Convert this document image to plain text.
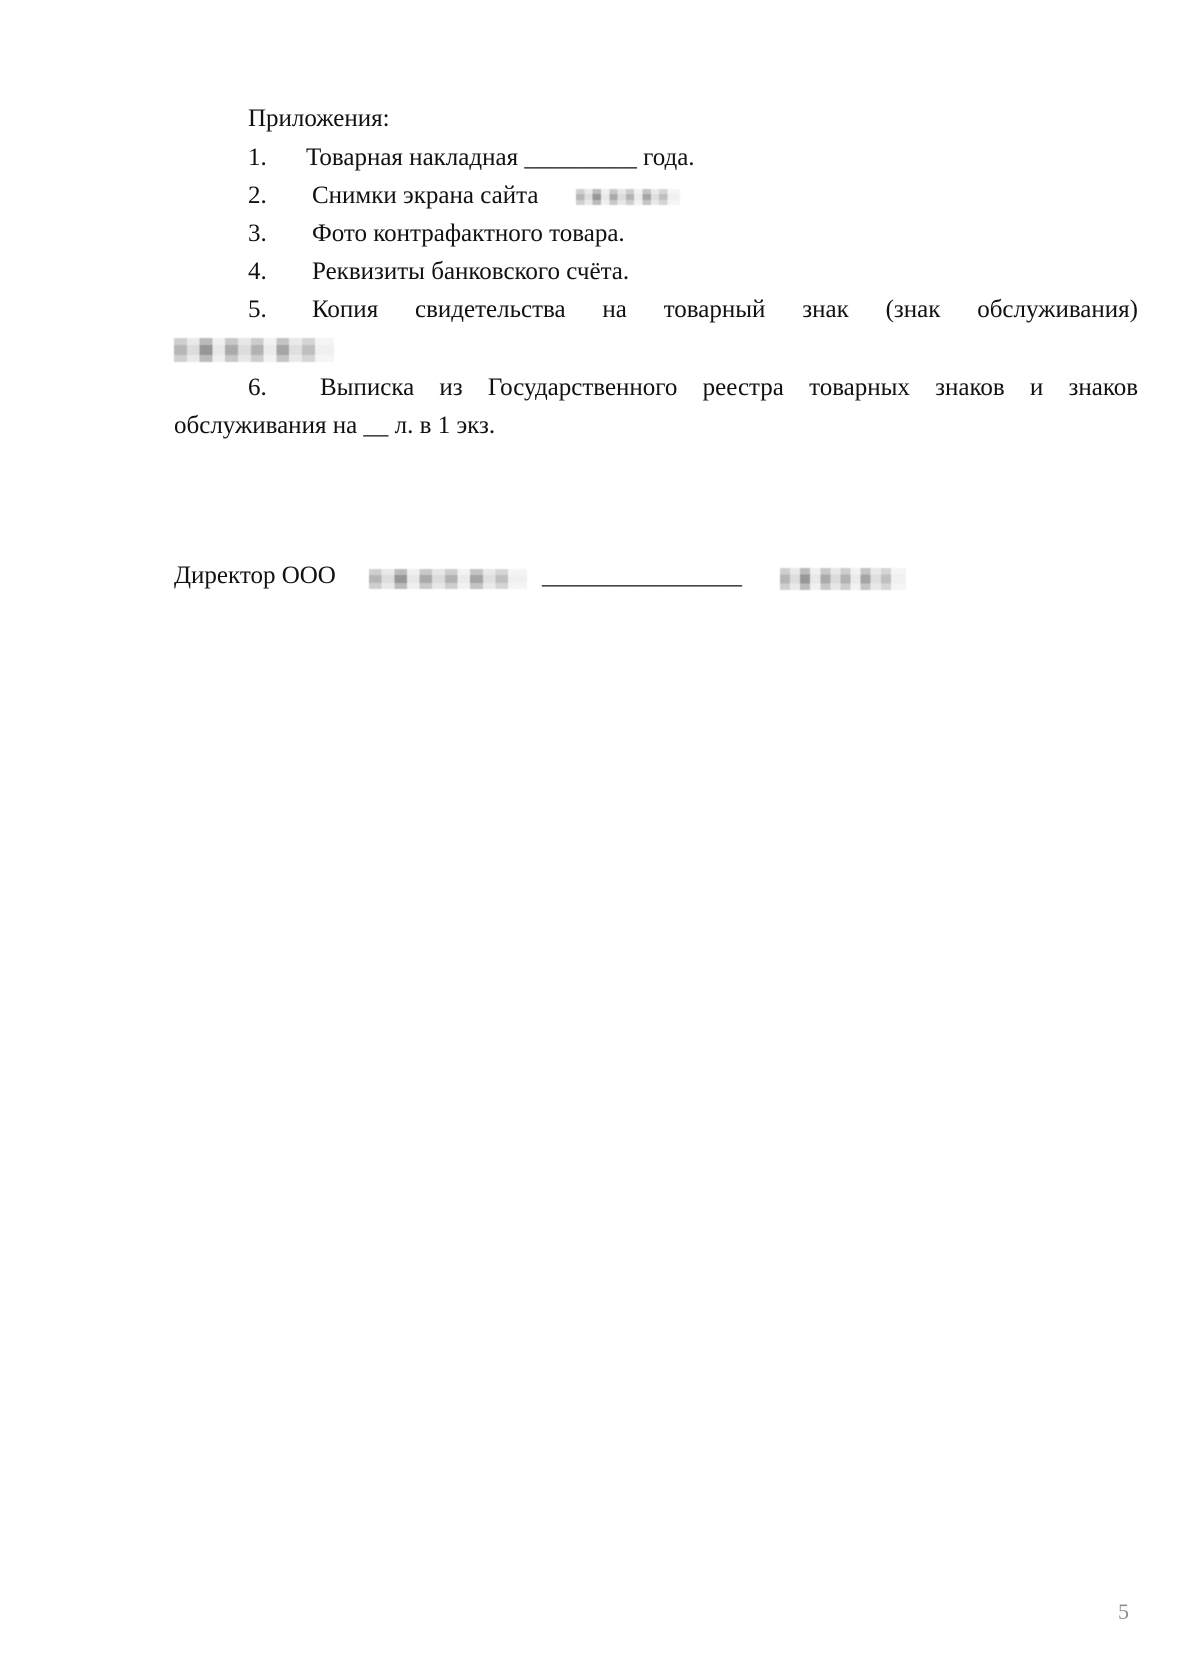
Приложения:
1.	Товарная накладная _________ года.
2.	Снимки экрана сайта
3.	Фото контрафактного товара.
4.	Реквизиты банковского счёта.
5.	Копия свидетельства на товарный знак (знак обслуживания)
6.	Выписка из Государственного реестра товарных знаков и знаков
обслуживания на __ л. в 1 экз.
Директор ООО	________________
5
